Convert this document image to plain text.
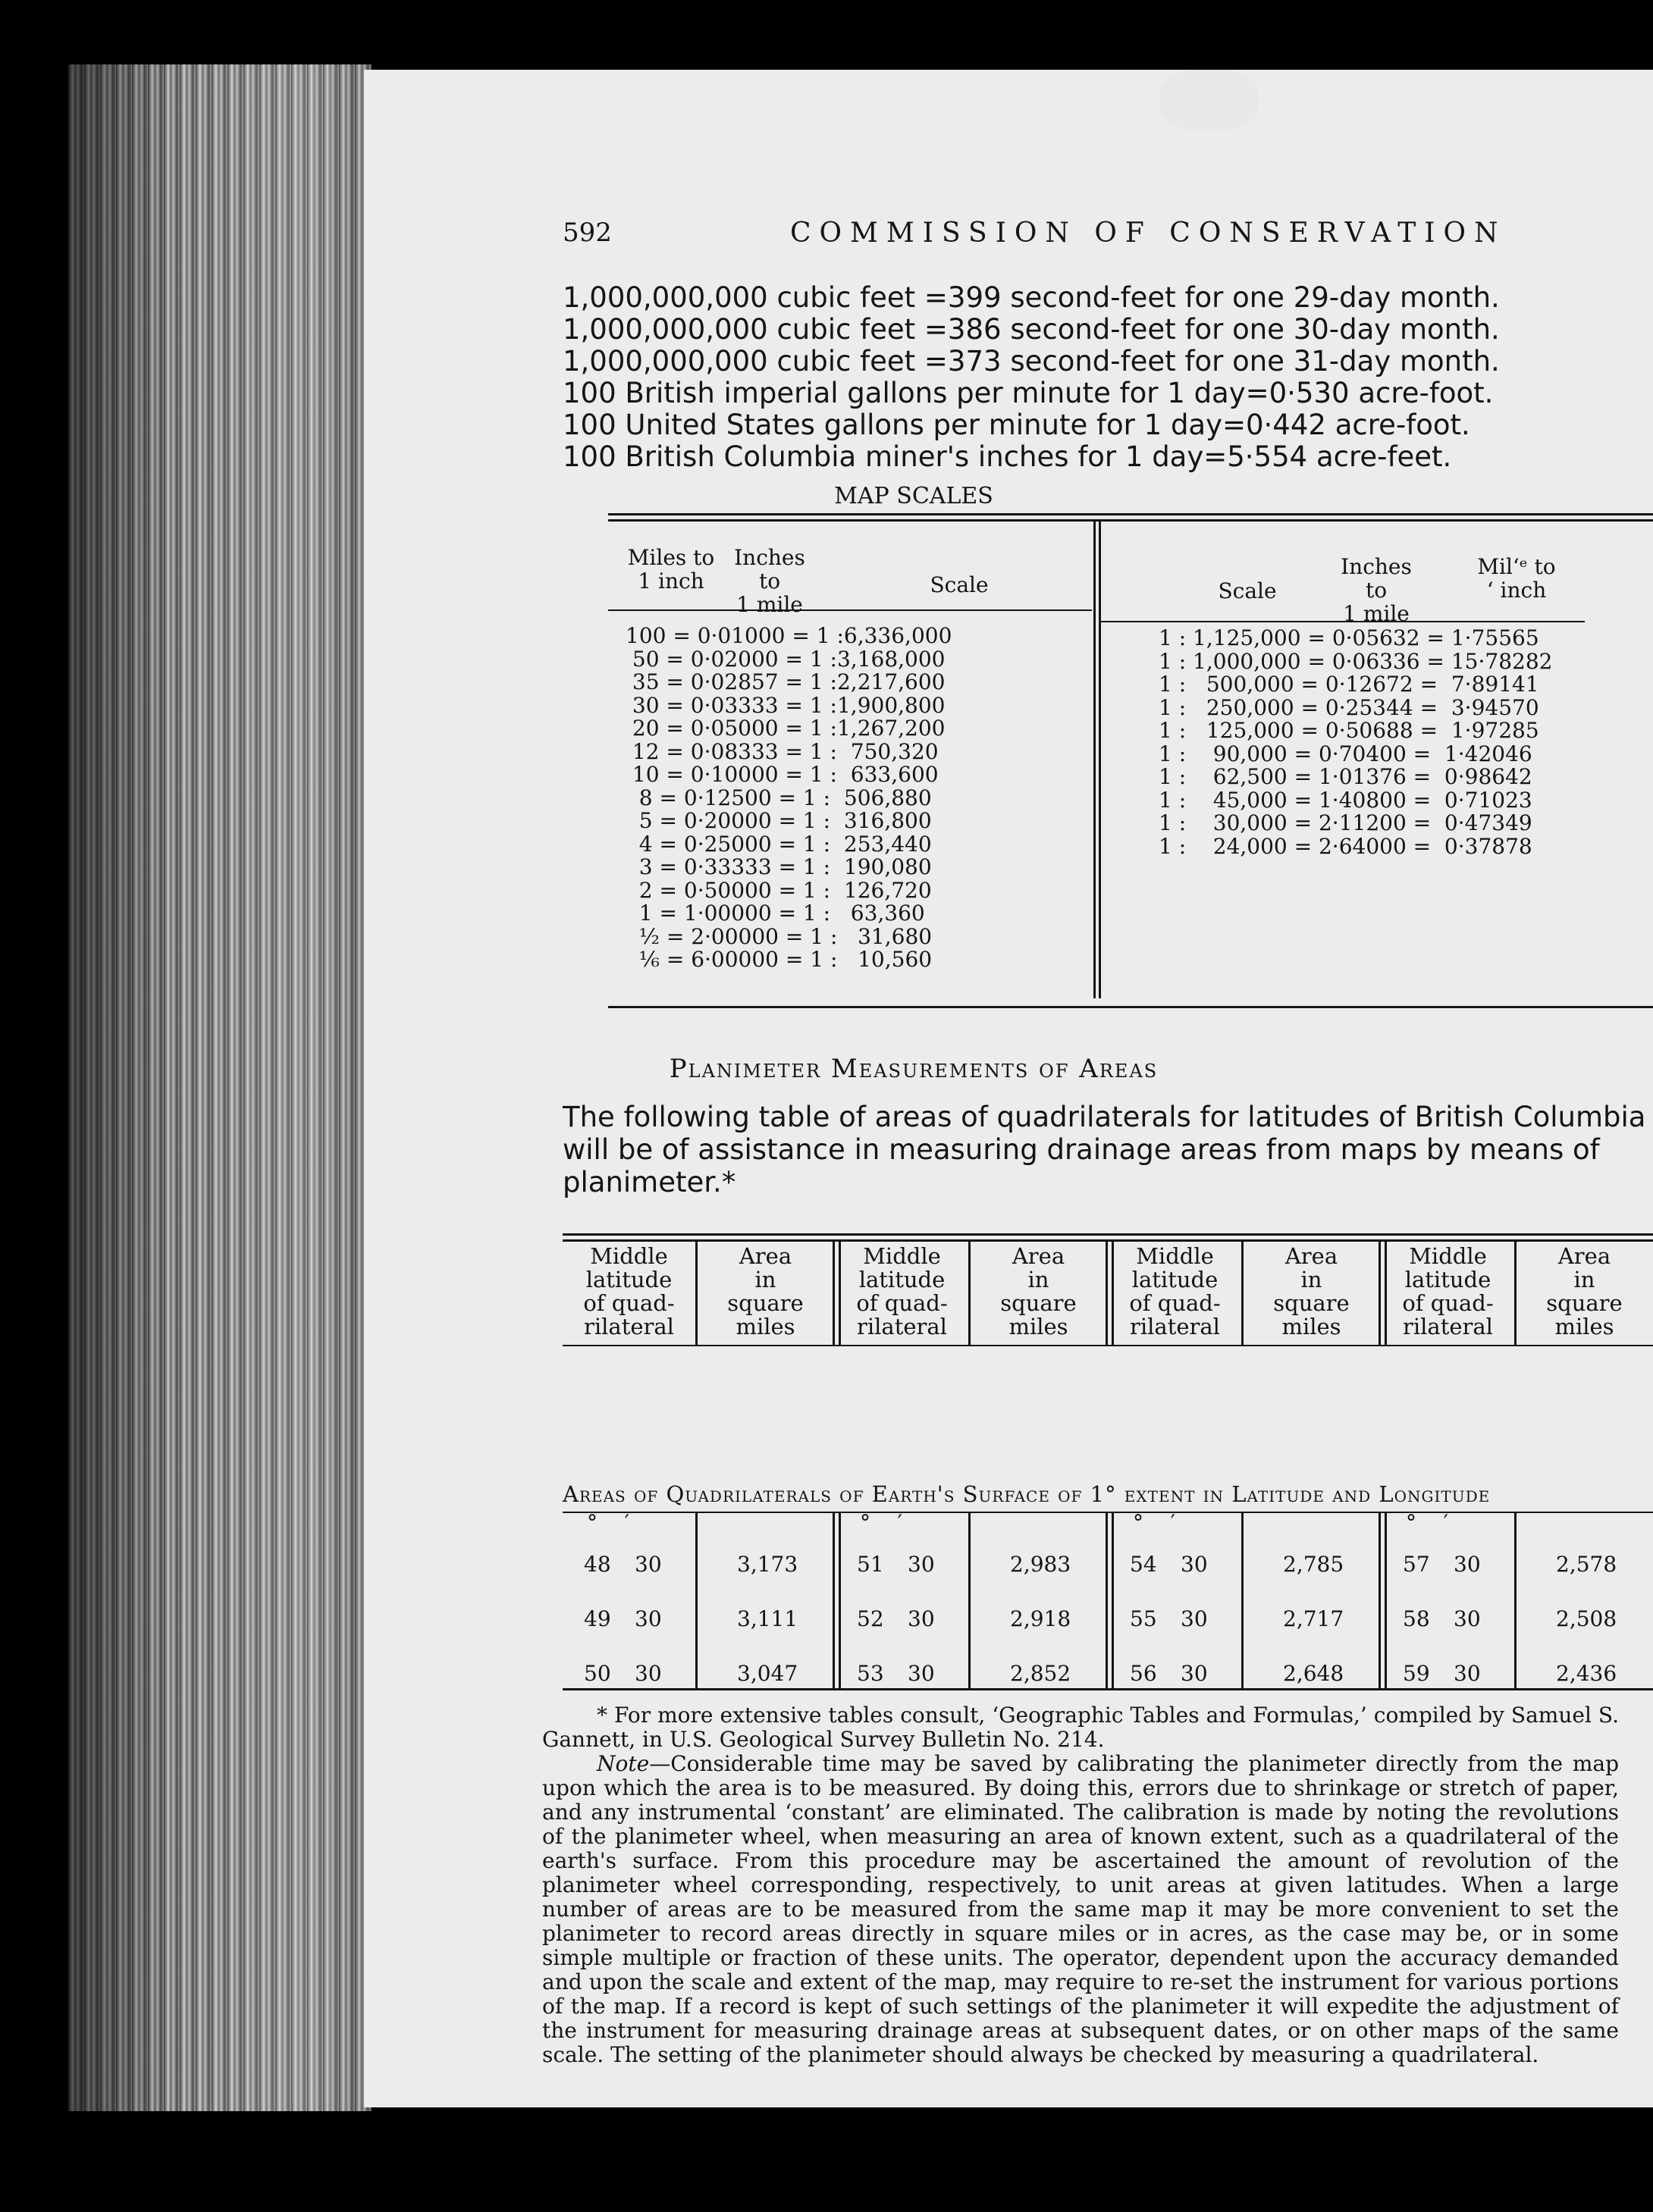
592	COMMISSION OF CONSERVATION
1,000,000,000 cubic feet =399 second-feet for one 29-day month.
1,000,000,000 cubic feet =386 second-feet for one 30-day month.
1,000,000,000 cubic feet =373 second-feet for one 31-day month.
100 British imperial gallons per minute for 1 day=0·530 acre-foot.
100 United States gallons per minute for 1 day=0·442 acre-foot.
100 British Columbia miner's inches for 1 day=5·554 acre-feet.
MAP SCALES
Miles to
1 inch
Inches to
1 mile
Scale	Scale
Inches to
1 mile
Mil‘ᵉ to
ʻ inch
100 = 0·01000 = 1 :6,336,000
50 = 0·02000 = 1 :3,168,000
35 = 0·02857 = 1 :2,217,600
30 = 0·03333 = 1 :1,900,800
20 = 0·05000 = 1 :1,267,200
12 = 0·08333 = 1 :  750,320
10 = 0·10000 = 1 :  633,600
8 = 0·12500 = 1 :  506,880
5 = 0·20000 = 1 :  316,800
4 = 0·25000 = 1 :  253,440
3 = 0·33333 = 1 :  190,080
2 = 0·50000 = 1 :  126,720
1 = 1·00000 = 1 :   63,360
½ = 2·00000 = 1 :   31,680
⅙ = 6·00000 = 1 :   10,560
1 : 1,125,000 = 0·05632 = 1·75565
1 : 1,000,000 = 0·06336 = 15·78282
1 :   500,000 = 0·12672 =  7·89141
1 :   250,000 = 0·25344 =  3·94570
1 :   125,000 = 0·50688 =  1·97285
1 :    90,000 = 0·70400 =  1·42046
1 :    62,500 = 1·01376 =  0·98642
1 :    45,000 = 1·40800 =  0·71023
1 :    30,000 = 2·11200 =  0·47349
1 :    24,000 = 2·64000 =  0·37878
Planimeter Measurements of Areas
The following table of areas of quadrilaterals for latitudes of British Columbia will be of assistance in measuring drainage areas from maps by means of planimeter.*
Middle
latitude
of quad-
rilateral
Area
in
square
miles
Middle
latitude
of quad-
rilateral
Area
in
square
miles
Middle
latitude
of quad-
rilateral
Area
in
square
miles
Middle
latitude
of quad-
rilateral
Area
in
square
miles
Areas of Quadrilaterals of Earth's Surface of 1° extent in Latitude and Longitude
°    ′
48 30	3,173
49 30	3,111
50 30	3,047
°    ′
51 30	2,983
52 30	2,918
53 30	2,852
°    ′
54 30	2,785
55 30	2,717
56 30	2,648
°    ′
57 30	2,578
58 30	2,508
59 30	2,436

* For more extensive tables consult, ‘Geographic Tables and Formulas,’ compiled by Samuel S. Gannett, in U.S. Geological Survey Bulletin No. 214.

Note—Considerable time may be saved by calibrating the planimeter directly from the map upon which the area is to be measured. By doing this, errors due to shrinkage or stretch of paper, and any instrumental ‘constant’ are eliminated. The calibration is made by noting the revolutions of the planimeter wheel, when measuring an area of known extent, such as a quadrilateral of the earth's surface. From this procedure may be ascertained the amount of revolution of the planimeter wheel corresponding, respectively, to unit areas at given latitudes. When a large number of areas are to be measured from the same map it may be more convenient to set the planimeter to record areas directly in square miles or in acres, as the case may be, or in some simple multiple or fraction of these units. The operator, dependent upon the accuracy demanded and upon the scale and extent of the map, may require to re-set the instrument for various portions of the map. If a record is kept of such settings of the planimeter it will expedite the adjustment of the instrument for measuring drainage areas at subsequent dates, or on other maps of the same scale. The setting of the planimeter should always be checked by measuring a quadrilateral.
